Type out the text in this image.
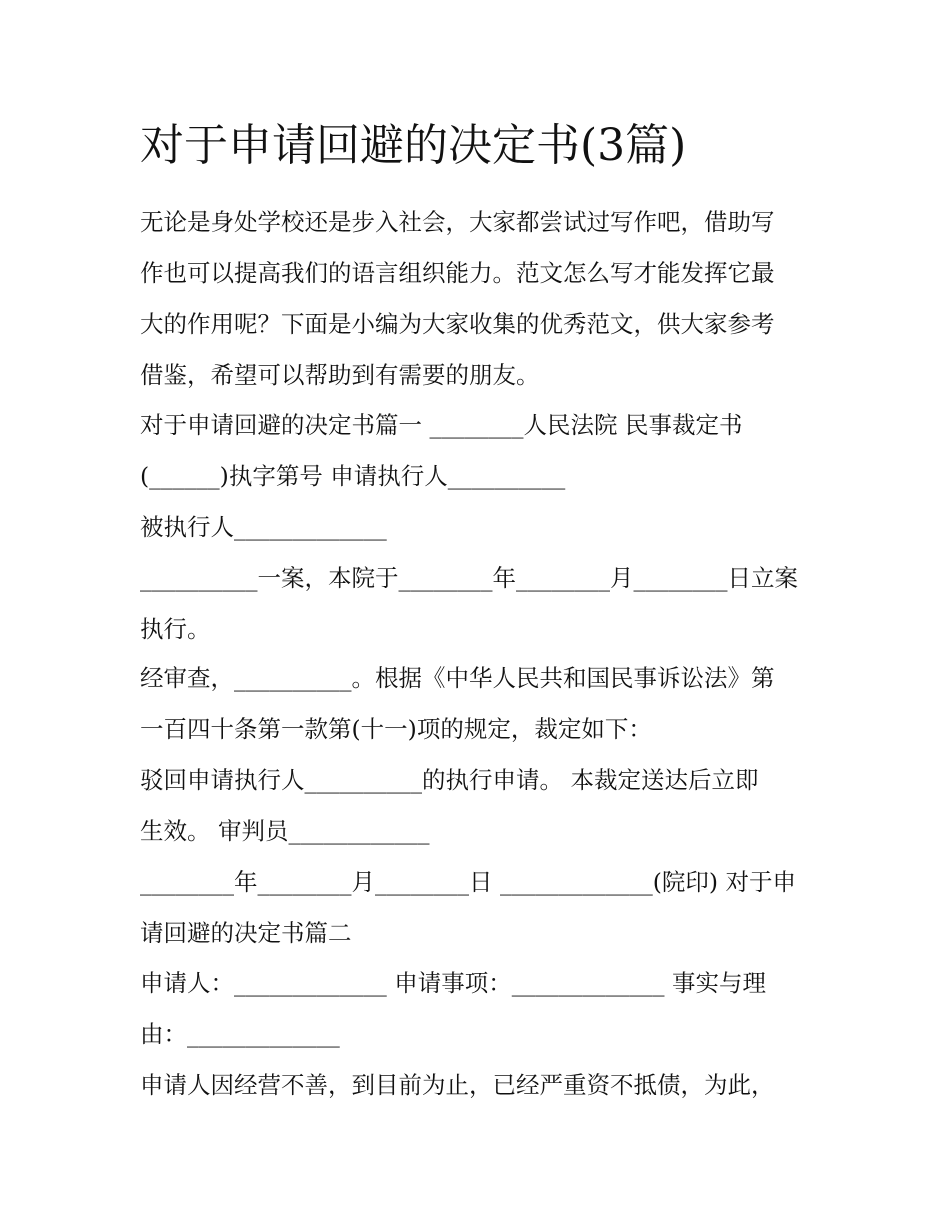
对于申请回避的决定书(3篇)
无论是身处学校还是步入社会，大家都尝试过写作吧，借助写
作也可以提高我们的语言组织能力。范文怎么写才能发挥它最
大的作用呢？下面是小编为大家收集的优秀范文，供大家参考
借鉴，希望可以帮助到有需要的朋友。
对于申请回避的决定书篇一 ________人民法院 民事裁定书
(______)执字第号 申请执行人__________
被执行人_____________
__________一案，本院于________年________月________日立案
执行。
经审查，__________。根据《中华人民共和国民事诉讼法》第
一百四十条第一款第(十一)项的规定，裁定如下：
驳回申请执行人__________的执行申请。 本裁定送达后立即
生效。 审判员____________
________年________月________日 _____________(院印) 对于申
请回避的决定书篇二
申请人：_____________ 申请事项：_____________ 事实与理
由：_____________
申请人因经营不善，到目前为止，已经严重资不抵债，为此，
